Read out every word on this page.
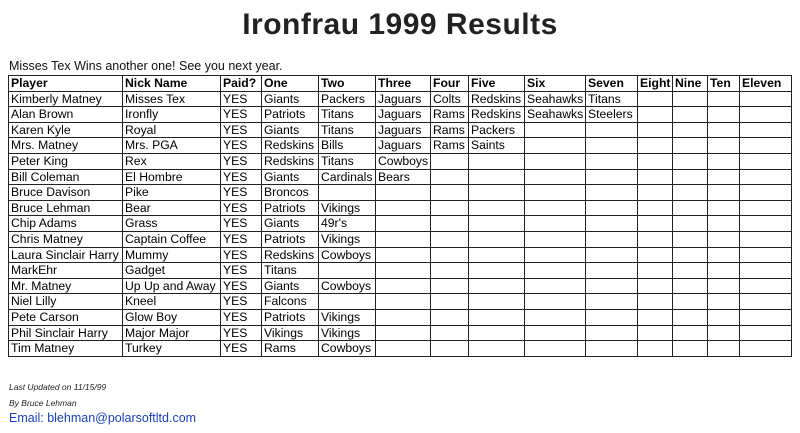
Ironfrau 1999 Results
Misses Tex Wins another one! See you next year.
Player	Nick Name	Paid?	One	Two	Three	Four	Five	Six	Seven	Eight	Nine	Ten	Eleven
Kimberly Matney	Misses Tex	YES	Giants	Packers	Jaguars	Colts	Redskins	Seahawks	Titans				
Alan Brown	Ironfly	YES	Patriots	Titans	Jaguars	Rams	Redskins	Seahawks	Steelers				
Karen Kyle	Royal	YES	Giants	Titans	Jaguars	Rams	Packers						
Mrs. Matney	Mrs. PGA	YES	Redskins	Bills	Jaguars	Rams	Saints						
Peter King	Rex	YES	Redskins	Titans	Cowboys								
Bill Coleman	El Hombre	YES	Giants	Cardinals	Bears								
Bruce Davison	Pike	YES	Broncos										
Bruce Lehman	Bear	YES	Patriots	Vikings									
Chip Adams	Grass	YES	Giants	49r's									
Chris Matney	Captain Coffee	YES	Patriots	Vikings									
Laura Sinclair Harry	Mummy	YES	Redskins	Cowboys									
MarkEhr	Gadget	YES	Titans										
Mr. Matney	Up Up and Away	YES	Giants	Cowboys									
Niel Lilly	Kneel	YES	Falcons										
Pete Carson	Glow Boy	YES	Patriots	Vikings									
Phil Sinclair Harry	Major Major	YES	Vikings	Vikings									
Tim Matney	Turkey	YES	Rams	Cowboys									
Last Updated on 11/15/99
By Bruce Lehman
Email: blehman@polarsoftltd.com
